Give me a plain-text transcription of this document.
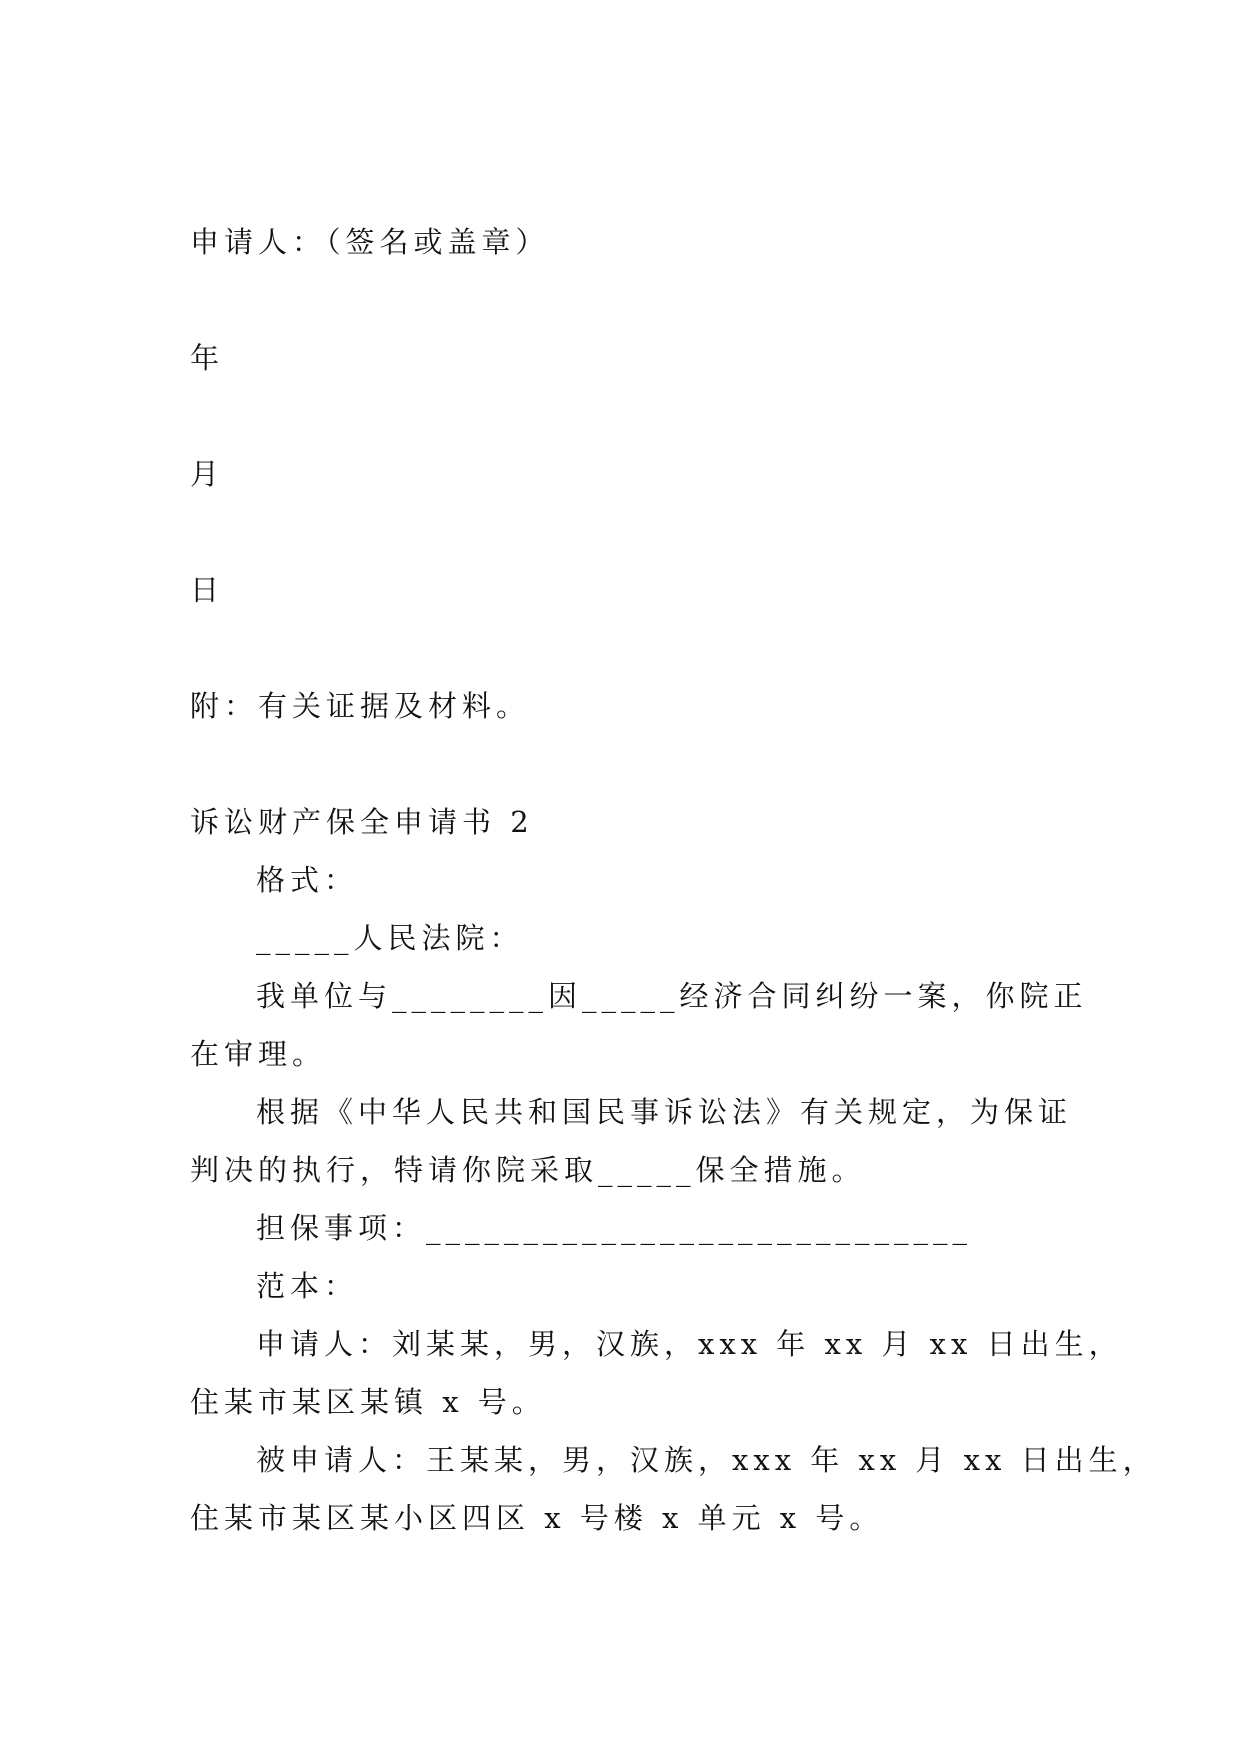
申请人：（签名或盖章）
年
月
日
附：有关证据及材料。
诉讼财产保全申请书 2
格式：
_____人民法院：
我单位与________因_____经济合同纠纷一案，你院正
在审理。
根据《中华人民共和国民事诉讼法》有关规定，为保证
判决的执行，特请你院采取_____保全措施。
担保事项：____________________________
范本：
申请人：刘某某，男，汉族，xxx 年 xx 月 xx 日出生，
住某市某区某镇 x 号。
被申请人：王某某，男，汉族，xxx 年 xx 月 xx 日出生，
住某市某区某小区四区 x 号楼 x 单元 x 号。
